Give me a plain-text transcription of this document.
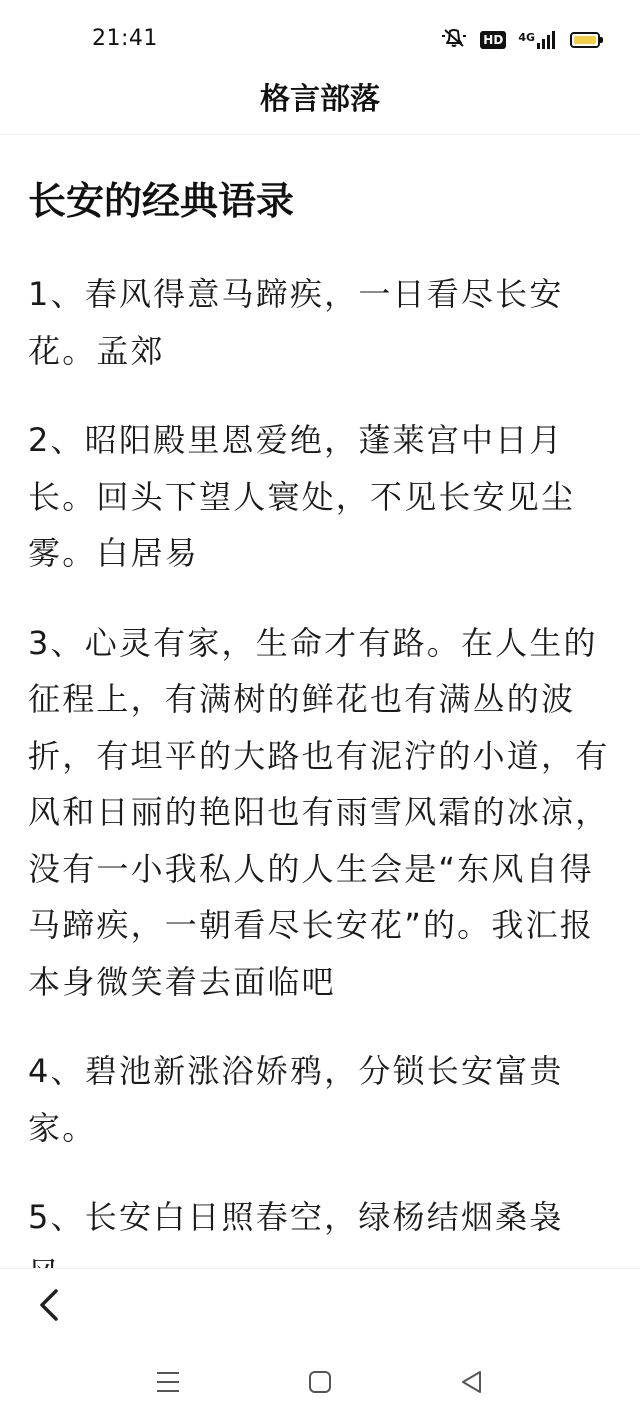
21:41	HD 4G
格言部落
长安的经典语录

1、春风得意马蹄疾，一日看尽长安花。孟郊

2、昭阳殿里恩爱绝，蓬莱宫中日月长。回头下望人寰处，不见长安见尘雾。白居易

3、心灵有家，生命才有路。在人生的征程上，有满树的鲜花也有满丛的波折，有坦平的大路也有泥泞的小道，有风和日丽的艳阳也有雨雪风霜的冰凉，没有一小我私人的人生会是“东风自得马蹄疾，一朝看尽长安花”的。我汇报本身微笑着去面临吧

4、碧池新涨浴娇鸦，分锁长安富贵家。

5、长安白日照春空，绿杨结烟桑袅
